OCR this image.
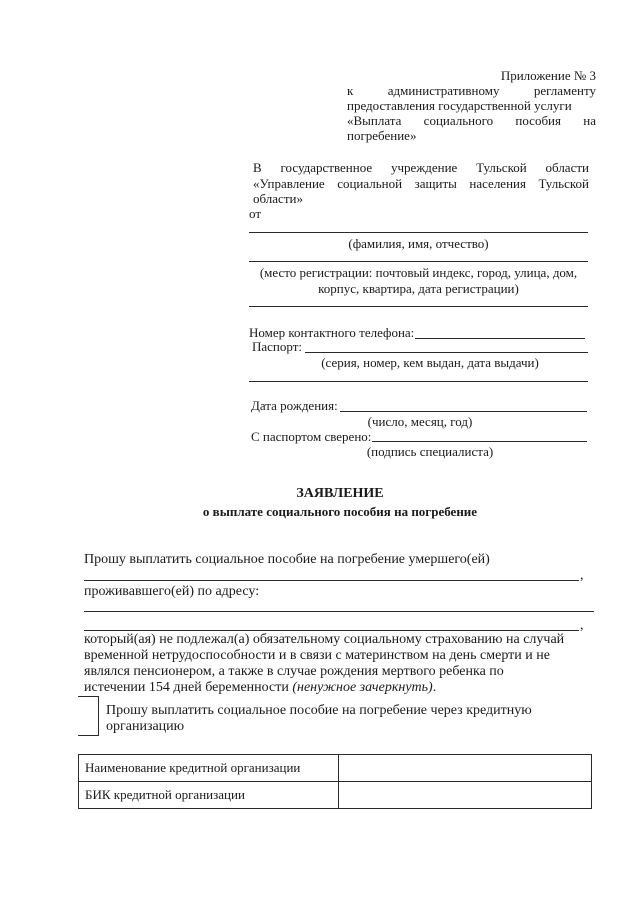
Приложение № 3
к административному регламенту
предоставления государственной услуги
«Выплата социального пособия на
погребение»
В государственное учреждение Тульской области
«Управление социальной защиты населения Тульской
области»
от
(фамилия, имя, отчество)
(место регистрации: почтовый индекс, город, улица, дом,
корпус, квартира, дата регистрации)
Номер контактного телефона:
Паспорт:
(серия, номер, кем выдан, дата выдачи)
Дата рождения:
(число, месяц, год)
С паспортом сверено:
(подпись специалиста)
ЗАЯВЛЕНИЕ
о выплате социального пособия на погребение
Прошу выплатить социальное пособие на погребение умершего(ей)
,
проживавшего(ей) по адресу:
,
который(ая) не подлежал(а) обязательному социальному страхованию на случай
временной нетрудоспособности и в связи с материнством на день смерти и не
являлся пенсионером, а также в случае рождения мертвого ребенка по
истечении 154 дней беременности (ненужное зачеркнуть).
Прошу выплатить социальное пособие на погребение через кредитную
организацию
Наименование кредитной организации	
БИК кредитной организации	
